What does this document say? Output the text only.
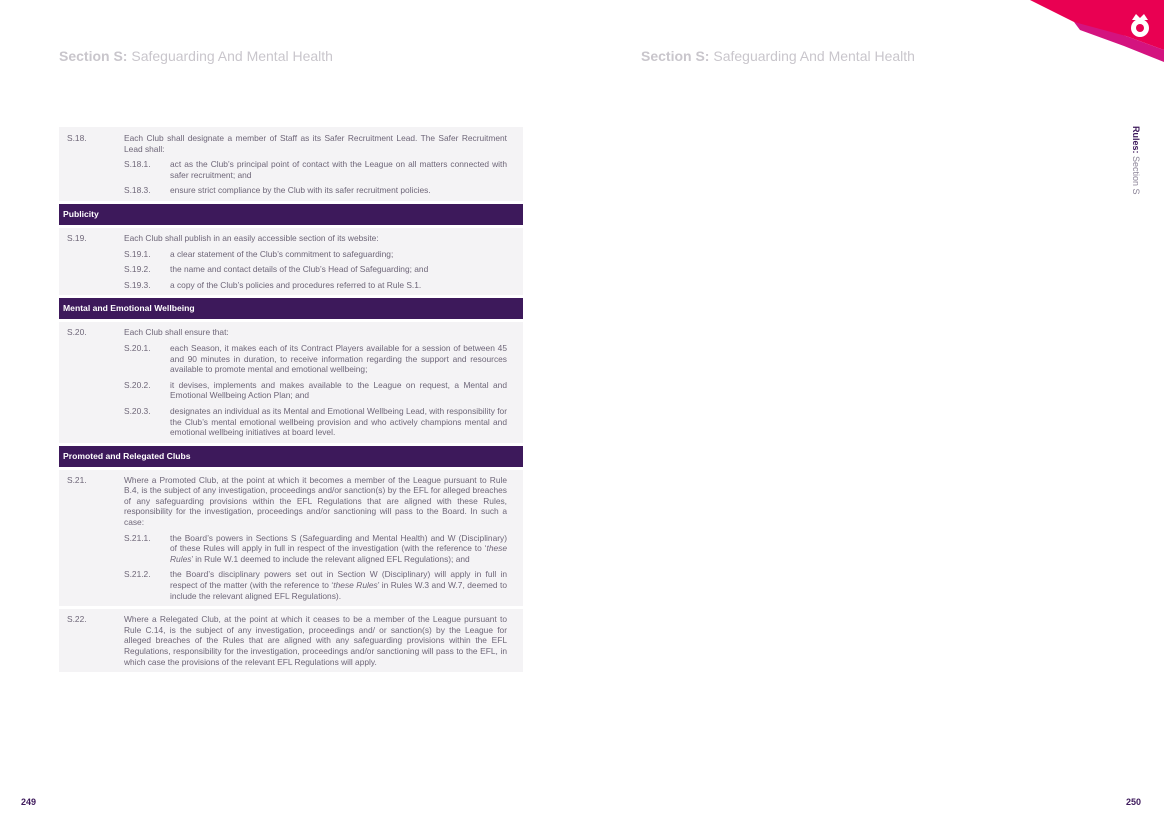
Section S: Safeguarding And Mental Health	Section S: Safeguarding And Mental Health
Rules: Section S
S.18.	Each Club shall designate a member of Staff as its Safer Recruitment Lead. The Safer Recruitment Lead shall:
S.18.1.	act as the Club’s principal point of contact with the League on all matters connected with safer recruitment; and
S.18.3.	ensure strict compliance by the Club with its safer recruitment policies.
Publicity
S.19.	Each Club shall publish in an easily accessible section of its website:
S.19.1.	a clear statement of the Club’s commitment to safeguarding;
S.19.2.	the name and contact details of the Club’s Head of Safeguarding; and
S.19.3.	a copy of the Club’s policies and procedures referred to at Rule S.1.
Mental and Emotional Wellbeing
S.20.	Each Club shall ensure that:
S.20.1.	each Season, it makes each of its Contract Players available for a session of between 45 and 90 minutes in duration, to receive information regarding the support and resources available to promote mental and emotional wellbeing;
S.20.2.	it devises, implements and makes available to the League on request, a Mental and Emotional Wellbeing Action Plan; and
S.20.3.	designates an individual as its Mental and Emotional Wellbeing Lead, with responsibility for the Club’s mental emotional wellbeing provision and who actively champions mental and emotional wellbeing initiatives at board level.
Promoted and Relegated Clubs
S.21.	Where a Promoted Club, at the point at which it becomes a member of the League pursuant to Rule B.4, is the subject of any investigation, proceedings and/or sanction(s) by the EFL for alleged breaches of any safeguarding provisions within the EFL Regulations that are aligned with these Rules, responsibility for the investigation, proceedings and/or sanctioning will pass to the Board. In such a case:
S.21.1.	the Board’s powers in Sections S (Safeguarding and Mental Health) and W (Disciplinary) of these Rules will apply in full in respect of the investigation (with the reference to ‘these Rules’ in Rule W.1 deemed to include the relevant aligned EFL Regulations); and
S.21.2.	the Board’s disciplinary powers set out in Section W (Disciplinary) will apply in full in respect of the matter (with the reference to ‘these Rules’ in Rules W.3 and W.7, deemed to include the relevant aligned EFL Regulations).
S.22.	Where a Relegated Club, at the point at which it ceases to be a member of the League pursuant to Rule C.14, is the subject of any investigation, proceedings and/ or sanction(s) by the League for alleged breaches of the Rules that are aligned with any safeguarding provisions within the EFL Regulations, responsibility for the investigation, proceedings and/or sanctioning will pass to the EFL, in which case the provisions of the relevant EFL Regulations will apply.
249	250
